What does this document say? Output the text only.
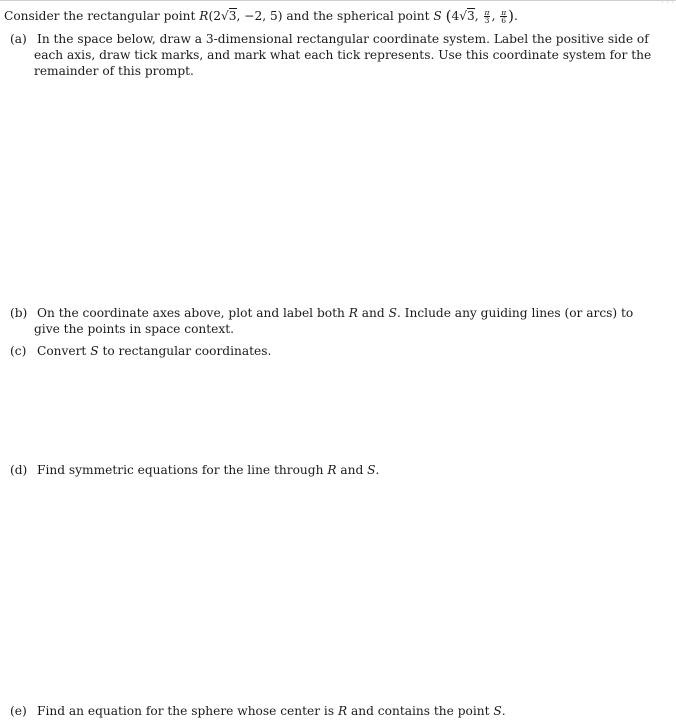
· · ·
Consider the rectangular point R(2√3, −2, 5) and the spherical point S (4√3, $\frac{\pi}{3}$ , $\frac{\pi}{6}$ ).
(a) In the space below, draw a 3-dimensional rectangular coordinate system. Label the positive side of
each axis, draw tick marks, and mark what each tick represents. Use this coordinate system for the
remainder of this prompt.
(b) On the coordinate axes above, plot and label both R and S. Include any guiding lines (or arcs) to
give the points in space context.
(c) Convert S to rectangular coordinates.
(d) Find symmetric equations for the line through R and S.
(e) Find an equation for the sphere whose center is R and contains the point S.
